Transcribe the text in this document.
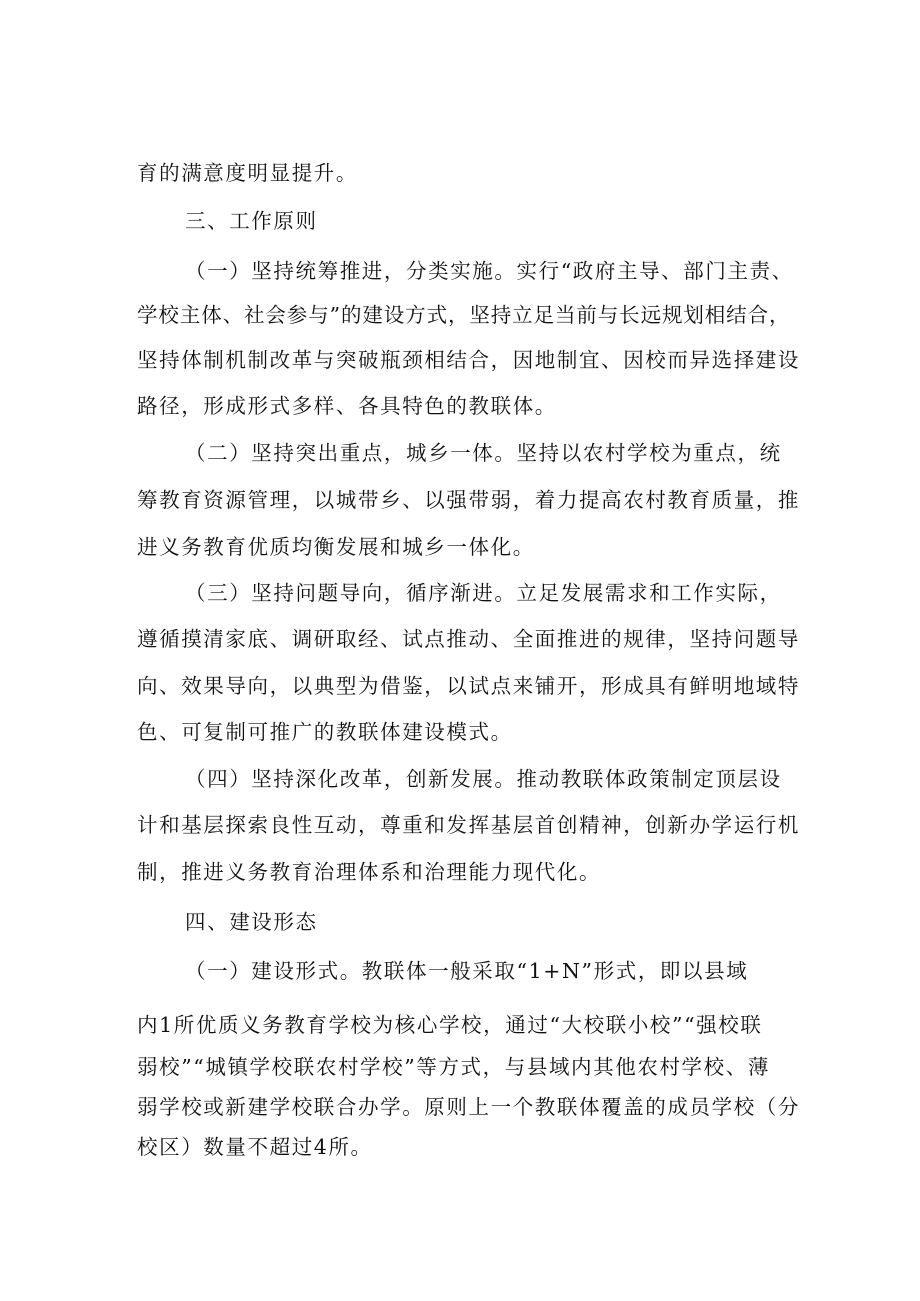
育的满意度明显提升。
三、工作原则
（一）坚持统筹推进，分类实施。实行“政府主导、部门主责、
学校主体、社会参与”的建设方式，坚持立足当前与长远规划相结合，
坚持体制机制改革与突破瓶颈相结合，因地制宜、因校而异选择建设
路径，形成形式多样、各具特色的教联体。
（二）坚持突出重点，城乡一体。坚持以农村学校为重点，统
筹教育资源管理，以城带乡、以强带弱，着力提高农村教育质量，推
进义务教育优质均衡发展和城乡一体化。
（三）坚持问题导向，循序渐进。立足发展需求和工作实际，
遵循摸清家底、调研取经、试点推动、全面推进的规律，坚持问题导
向、效果导向，以典型为借鉴，以试点来铺开，形成具有鲜明地域特
色、可复制可推广的教联体建设模式。
（四）坚持深化改革，创新发展。推动教联体政策制定顶层设
计和基层探索良性互动，尊重和发挥基层首创精神，创新办学运行机
制，推进义务教育治理体系和治理能力现代化。
四、建设形态
（一）建设形式。教联体一般采取“1+N”形式，即以县域
内1所优质义务教育学校为核心学校，通过“大校联小校”“强校联
弱校”“城镇学校联农村学校”等方式，与县域内其他农村学校、薄
弱学校或新建学校联合办学。原则上一个教联体覆盖的成员学校（分
校区）数量不超过4所。
